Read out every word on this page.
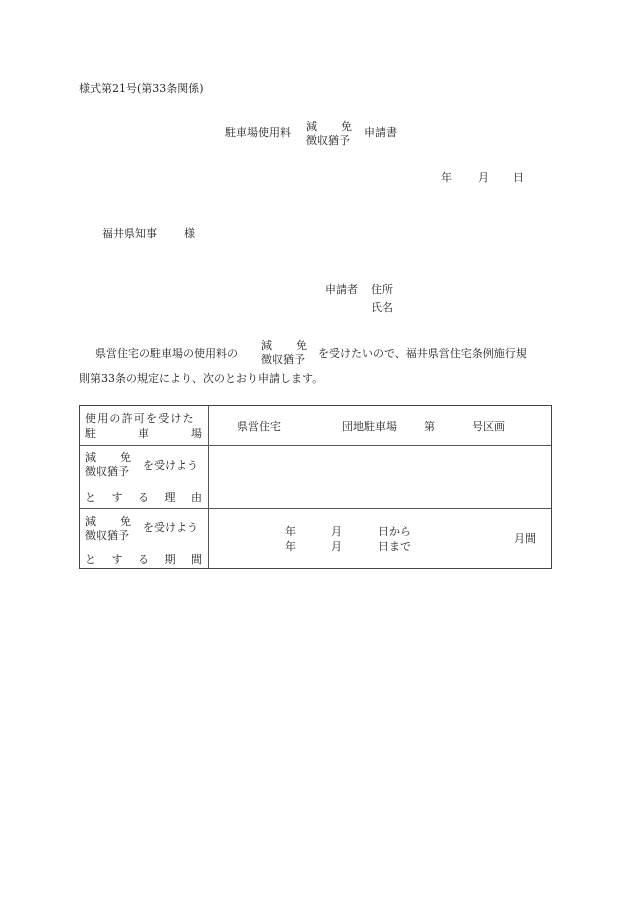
様式第21号(第33条関係)
駐車場使用料 減 免
徴収猶予
申請書
年 月 日
福井県知事 様
申請者 住所
氏名
県営住宅の駐車場の使用料の
減 免
徴収猶予 を受けたいので、福井県営住宅条例施行規
則第33条の規定により、次のとおり申請します。
使用の許可を受けた
駐	車	場
県営住宅	団地駐車場 第	号区画
減 免
徴収猶予 を受けよう
と す る 理 由
減 免
徴収猶予
を受けよう
と す る 期 間
年	月	日から
年	月	日まで
月間
